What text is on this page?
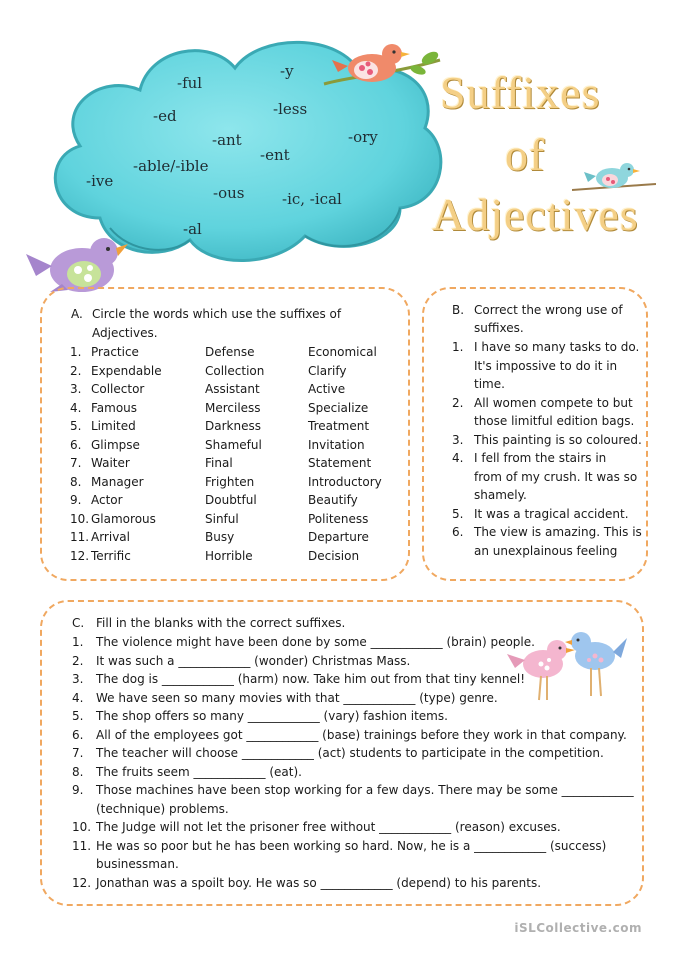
-ful
-y
-ed	-less
-ant	-ory
-ent
-able/-ible
-ive
-ous	-ic, -ical
-al
Suffixes
of
Adjectives
A. Circle the words which use the suffixes of
Adjectives.
1. Practice	Defense	Economical
2. Expendable	Collection	Clarify
3. Collector	Assistant	Active
4. Famous	Merciless	Specialize
5. Limited	Darkness	Treatment
6. Glimpse	Shameful	Invitation
7. Waiter	Final	Statement
8. Manager	Frighten	Introductory
9. Actor	Doubtful	Beautify
10. Glamorous	Sinful	Politeness
11. Arrival	Busy	Departure
12. Terrific	Horrible	Decision
B. Correct the wrong use of
suffixes.
1. I have so many tasks to do.
It's impossive to do it in
time.
2. All women compete to but
those limitful edition bags.
3. This painting is so coloured.
4. I fell from the stairs in
from of my crush. It was so
shamely.
5. It was a tragical accident.
6. The view is amazing. This is
an unexplainous feeling
C. Fill in the blanks with the correct suffixes.
1. The violence might have been done by some ____________ (brain) people.
2. It was such a ____________ (wonder) Christmas Mass.
3. The dog is ____________ (harm) now. Take him out from that tiny kennel!
4. We have seen so many movies with that ____________ (type) genre.
5. The shop offers so many ____________ (vary) fashion items.
6. All of the employees got ____________ (base) trainings before they work in that company.
7. The teacher will choose ____________ (act) students to participate in the competition.
8. The fruits seem ____________ (eat).
9. Those machines have been stop working for a few days. There may be some ____________
(technique) problems.
10. The Judge will not let the prisoner free without ____________ (reason) excuses.
11. He was so poor but he has been working so hard. Now, he is a ____________ (success)
businessman.
12. Jonathan was a spoilt boy. He was so ____________ (depend) to his parents.
iSLCollective.com
